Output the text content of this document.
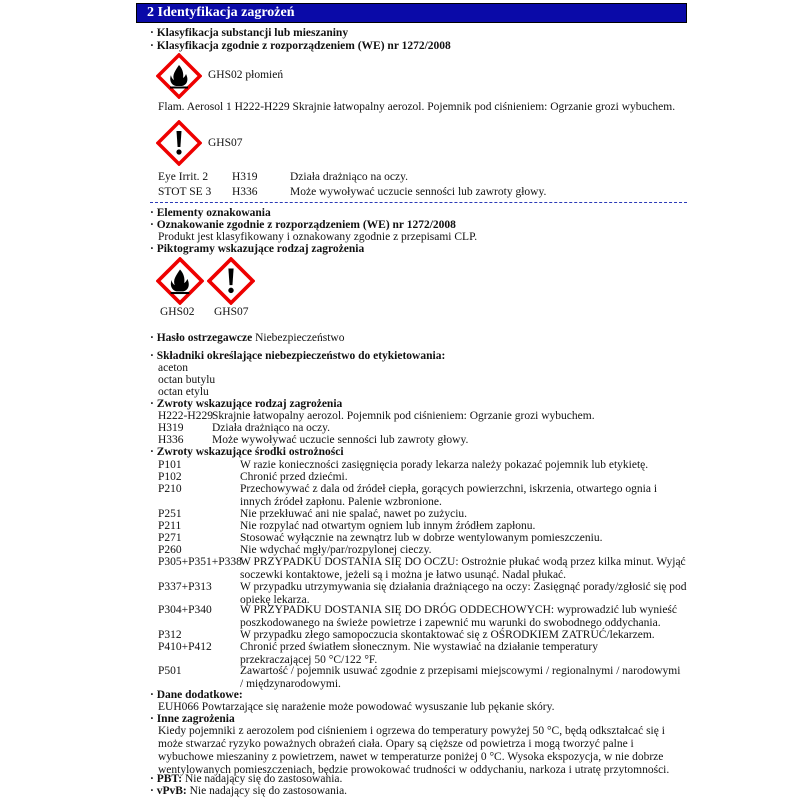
2 Identyfikacja zagrożeń
· Klasyfikacja substancji lub mieszaniny
· Klasyfikacja zgodnie z rozporządzeniem (WE) nr 1272/2008
GHS02 płomień
Flam. Aerosol 1 H222-H229 Skrajnie łatwopalny aerozol. Pojemnik pod ciśnieniem: Ogrzanie grozi wybuchem.
GHS07
Eye Irrit. 2 H319	Działa drażniąco na oczy.
STOT SE 3 H336	Może wywoływać uczucie senności lub zawroty głowy.
· Elementy oznakowania
· Oznakowanie zgodnie z rozporządzeniem (WE) nr 1272/2008
Produkt jest klasyfikowany i oznakowany zgodnie z przepisami CLP.
· Piktogramy wskazujące rodzaj zagrożenia
GHS02 GHS07
· Hasło ostrzegawcze Niebezpieczeństwo
· Składniki określające niebezpieczeństwo do etykietowania:
aceton
octan butylu
octan etylu
· Zwroty wskazujące rodzaj zagrożenia
H222-H229 Skrajnie łatwopalny aerozol. Pojemnik pod ciśnieniem: Ogrzanie grozi wybuchem.
H319 Działa drażniąco na oczy.
H336 Może wywoływać uczucie senności lub zawroty głowy.
· Zwroty wskazujące środki ostrożności
P101	W razie konieczności zasięgnięcia porady lekarza należy pokazać pojemnik lub etykietę.
P102	Chronić przed dziećmi.
P210	Przechowywać z dala od źródeł ciepła, gorących powierzchni, iskrzenia, otwartego ognia i innych źródeł zapłonu. Palenie wzbronione.
P251	Nie przekłuwać ani nie spalać, nawet po zużyciu.
P211	Nie rozpylać nad otwartym ogniem lub innym źródłem zapłonu.
P271	Stosować wyłącznie na zewnątrz lub w dobrze wentylowanym pomieszczeniu.
P260	Nie wdychać mgły/par/rozpylonej cieczy.
P305+P351+P338
W PRZYPADKU DOSTANIA SIĘ DO OCZU: Ostrożnie płukać wodą przez kilka minut. Wyjąć soczewki kontaktowe, jeżeli są i można je łatwo usunąć. Nadal płukać.
P337+P313 W przypadku utrzymywania się działania drażniącego na oczy: Zasięgnąć porady/zgłosić się pod opiekę lekarza.
P304+P340 W PRZYPADKU DOSTANIA SIĘ DO DRÓG ODDECHOWYCH: wyprowadzić lub wynieść poszkodowanego na świeże powietrze i zapewnić mu warunki do swobodnego oddychania.
P312	W przypadku złego samopoczucia skontaktować się z OŚRODKIEM ZATRUĆ/lekarzem.
P410+P412 Chronić przed światłem słonecznym. Nie wystawiać na działanie temperatury przekraczającej 50 °C/122 °F.
P501	Zawartość / pojemnik usuwać zgodnie z przepisami miejscowymi / regionalnymi / narodowymi / międzynarodowymi.
· Dane dodatkowe:
EUH066 Powtarzające się narażenie może powodować wysuszanie lub pękanie skóry.
· Inne zagrożenia
Kiedy pojemniki z aerozolem pod ciśnieniem i ogrzewa do temperatury powyżej 50 °C, będą odkształcać się i może stwarzać ryzyko poważnych obrażeń ciała. Opary są cięższe od powietrza i mogą tworzyć palne i wybuchowe mieszaniny z powietrzem, nawet w temperaturze poniżej 0 °C. Wysoka ekspozycja, w nie dobrze wentylowanych pomieszczeniach, będzie prowokować trudności w oddychaniu, narkoza i utratę przytomności.
· PBT: Nie nadający się do zastosowania.
· vPvB: Nie nadający się do zastosowania.
